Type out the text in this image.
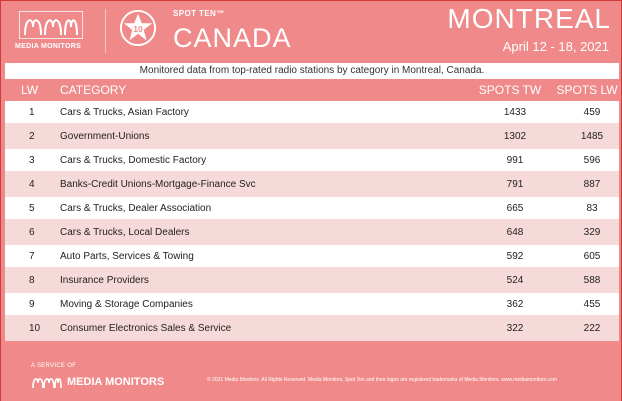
MEDIA MONITORS
10
SPOT TEN™
CANADA
MONTREAL
April 12 - 18, 2021
Monitored data from top-rated radio stations by category in Montreal, Canada.
LW CATEGORY	SPOTS TW	SPOTS LW
1	Cars & Trucks, Asian Factory	1433	459
2	Government-Unions	1302	1485
3	Cars & Trucks, Domestic Factory	991	596
4	Banks-Credit Unions-Mortgage-Finance Svc	791	887
5	Cars & Trucks, Dealer Association	665	83
6	Cars & Trucks, Local Dealers	648	329
7	Auto Parts, Services & Towing	592	605
8	Insurance Providers	524	588
9	Moving & Storage Companies	362	455
10 Consumer Electronics Sales & Service	322	222
A SERVICE OF
MEDIA MONITORS	© 2021 Media Monitors. All Rights Reserved. Media Monitors, Spot Ten and their logos are registered trademarks of Media Monitors. www.mediamonitors.com
